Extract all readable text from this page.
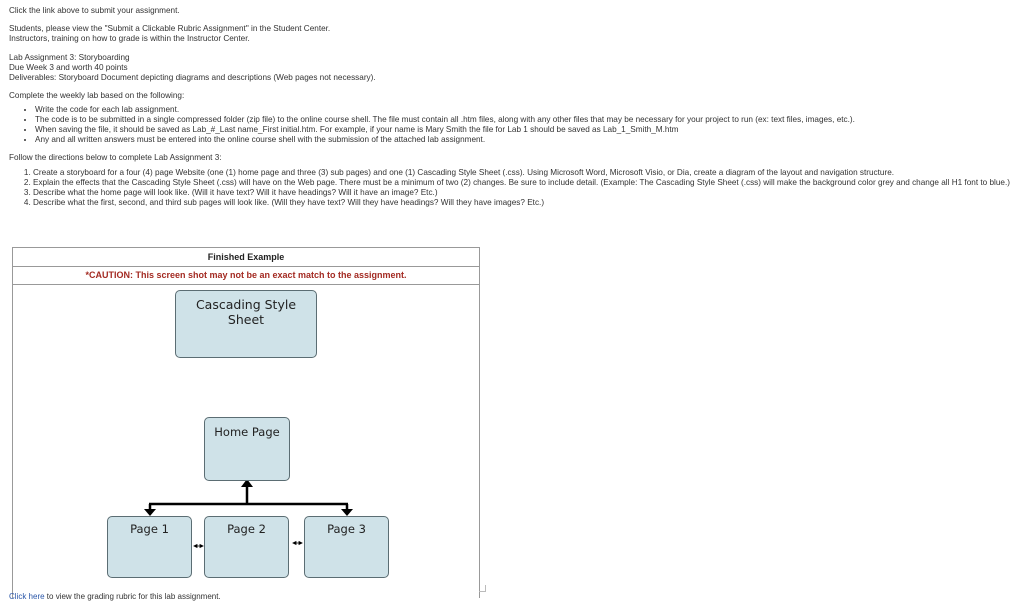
Click the link above to submit your assignment.

Students, please view the "Submit a Clickable Rubric Assignment" in the Student Center.

Instructors, training on how to grade is within the Instructor Center.

Lab Assignment 3: Storyboarding

Due Week 3 and worth 40 points

Deliverables: Storyboard Document depicting diagrams and descriptions (Web pages not necessary).

Complete the weekly lab based on the following:

• Write the code for each lab assignment.
• The code is to be submitted in a single compressed folder (zip file) to the online course shell. The file must contain all .htm files, along with any other files that may be necessary for your project to run (ex: text files, images, etc.).
• When saving the file, it should be saved as Lab_#_Last name_First initial.htm. For example, if your name is Mary Smith the file for Lab 1 should be saved as Lab_1_Smith_M.htm
• Any and all written answers must be entered into the online course shell with the submission of the attached lab assignment.

Follow the directions below to complete Lab Assignment 3:

1. Create a storyboard for a four (4) page Website (one (1) home page and three (3) sub pages) and one (1) Cascading Style Sheet (.css). Using Microsoft Word, Microsoft Visio, or Dia, create a diagram of the layout and navigation structure.
2. Explain the effects that the Cascading Style Sheet (.css) will have on the Web page. There must be a minimum of two (2) changes. Be sure to include detail. (Example: The Cascading Style Sheet (.css) will make the background color grey and change all H1 font to blue.)
3. Describe what the home page will look like. (Will it have text? Will it have headings? Will it have an image? Etc.)
4. Describe what the first, second, and third sub pages will look like. (Will they have text? Will they have headings? Will they have images? Etc.)
Finished Example
*CAUTION: This screen shot may not be an exact match to the assignment.
Cascading Style Sheet
Home Page
Page 1	Page 2	Page 3
Click here to view the grading rubric for this lab assignment.
